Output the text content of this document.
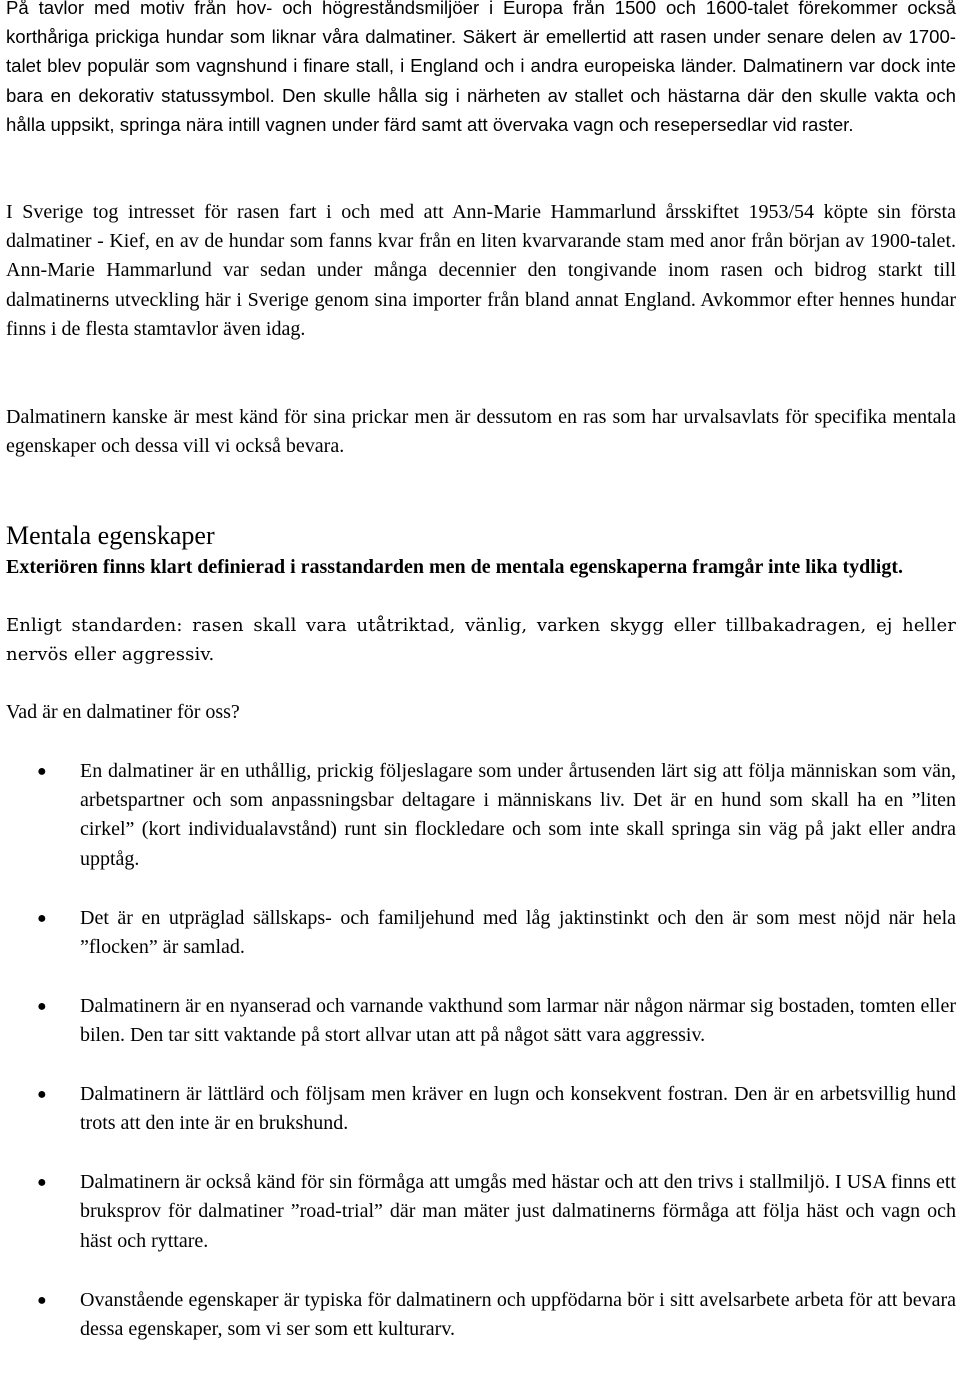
På tavlor med motiv från hov- och högreståndsmiljöer i Europa från 1500 och 1600-talet förekommer också korthåriga prickiga hundar som liknar våra dalmatiner. Säkert är emellertid att rasen under senare delen av 1700-talet blev populär som vagnshund i finare stall, i England och i andra europeiska länder. Dalmatinern var dock inte bara en dekorativ statussymbol. Den skulle hålla sig i närheten av stallet och hästarna där den skulle vakta och hålla uppsikt, springa nära intill vagnen under färd samt att övervaka vagn och resepersedlar vid raster.

I Sverige tog intresset för rasen fart i och med att Ann-Marie Hammarlund årsskiftet 1953/54 köpte sin första dalmatiner - Kief, en av de hundar som fanns kvar från en liten kvarvarande stam med anor från början av 1900-talet. Ann-Marie Hammarlund var sedan under många decennier den tongivande inom rasen och bidrog starkt till dalmatinerns utveckling här i Sverige genom sina importer från bland annat England. Avkommor efter hennes hundar finns i de flesta stamtavlor även idag.

Dalmatinern kanske är mest känd för sina prickar men är dessutom en ras som har urvalsavlats för specifika mentala egenskaper och dessa vill vi också bevara.

Mentala egenskaper

Exteriören finns klart definierad i rasstandarden men de mentala egenskaperna framgår inte lika tydligt.

Enligt standarden: rasen skall vara utåtriktad, vänlig, varken skygg eller tillbakadragen, ej heller nervös eller aggressiv.

Vad är en dalmatiner för oss?

● En dalmatiner är en uthållig, prickig följeslagare som under årtusenden lärt sig att följa människan som vän, arbetspartner och som anpassningsbar deltagare i människans liv. Det är en hund som skall ha en ”liten cirkel” (kort individualavstånd) runt sin flockledare och som inte skall springa sin väg på jakt eller andra upptåg.
● Det är en utpräglad sällskaps- och familjehund med låg jaktinstinkt och den är som mest nöjd när hela ”flocken” är samlad.
● Dalmatinern är en nyanserad och varnande vakthund som larmar när någon närmar sig bostaden, tomten eller bilen. Den tar sitt vaktande på stort allvar utan att på något sätt vara aggressiv.
● Dalmatinern är lättlärd och följsam men kräver en lugn och konsekvent fostran. Den är en arbetsvillig hund trots att den inte är en brukshund.
● Dalmatinern är också känd för sin förmåga att umgås med hästar och att den trivs i stallmiljö. I USA finns ett bruksprov för dalmatiner ”road-trial” där man mäter just dalmatinerns förmåga att följa häst och vagn och häst och ryttare.
● Ovanstående egenskaper är typiska för dalmatinern och uppfödarna bör i sitt avelsarbete arbeta för att bevara dessa egenskaper, som vi ser som ett kulturarv.
